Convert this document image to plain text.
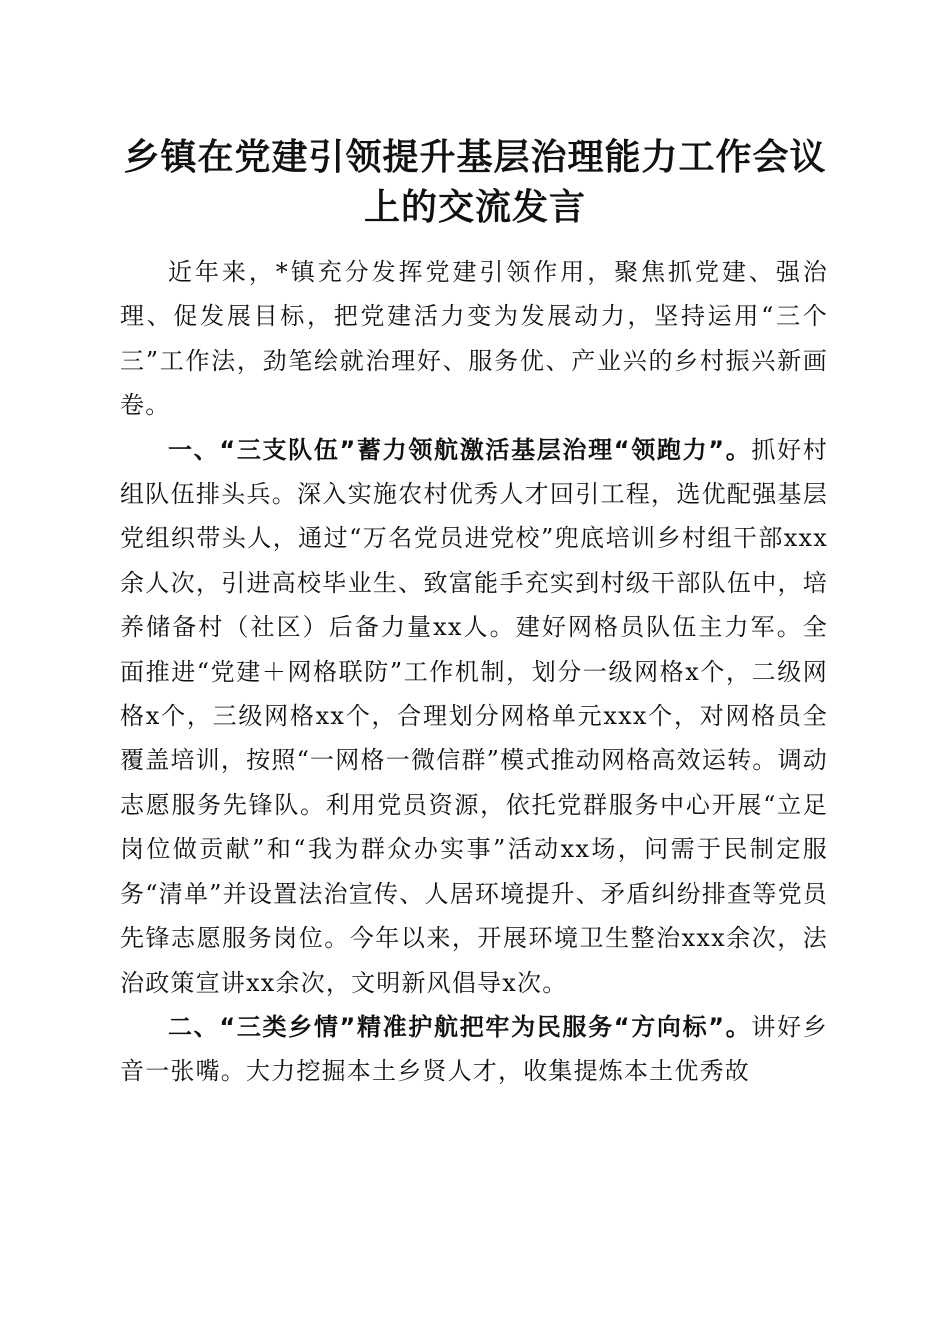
乡镇在党建引领提升基层治理能力工作会议上的交流发言

近年来，*镇充分发挥党建引领作用，聚焦抓党建、强治理、促发展目标，把党建活力变为发展动力，坚持运用“三个三”工作法，劲笔绘就治理好、服务优、产业兴的乡村振兴新画卷。

一、“三支队伍”蓄力领航激活基层治理“领跑力”。抓好村组队伍排头兵。深入实施农村优秀人才回引工程，选优配强基层党组织带头人，通过“万名党员进党校”兜底培训乡村组干部xxx余人次，引进高校毕业生、致富能手充实到村级干部队伍中，培养储备村（社区）后备力量xx人。建好网格员队伍主力军。全面推进“党建＋网格联防”工作机制，划分一级网格x个，二级网格x个，三级网格xx个，合理划分网格单元xxx个，对网格员全覆盖培训，按照“一网格一微信群”模式推动网格高效运转。调动志愿服务先锋队。利用党员资源，依托党群服务中心开展“立足岗位做贡献”和“我为群众办实事”活动xx场，问需于民制定服务“清单”并设置法治宣传、人居环境提升、矛盾纠纷排查等党员先锋志愿服务岗位。今年以来，开展环境卫生整治xxx余次，法治政策宣讲xx余次，文明新风倡导x次。

二、“三类乡情”精准护航把牢为民服务“方向标”。讲好乡音一张嘴。大力挖掘本土乡贤人才，收集提炼本土优秀故
